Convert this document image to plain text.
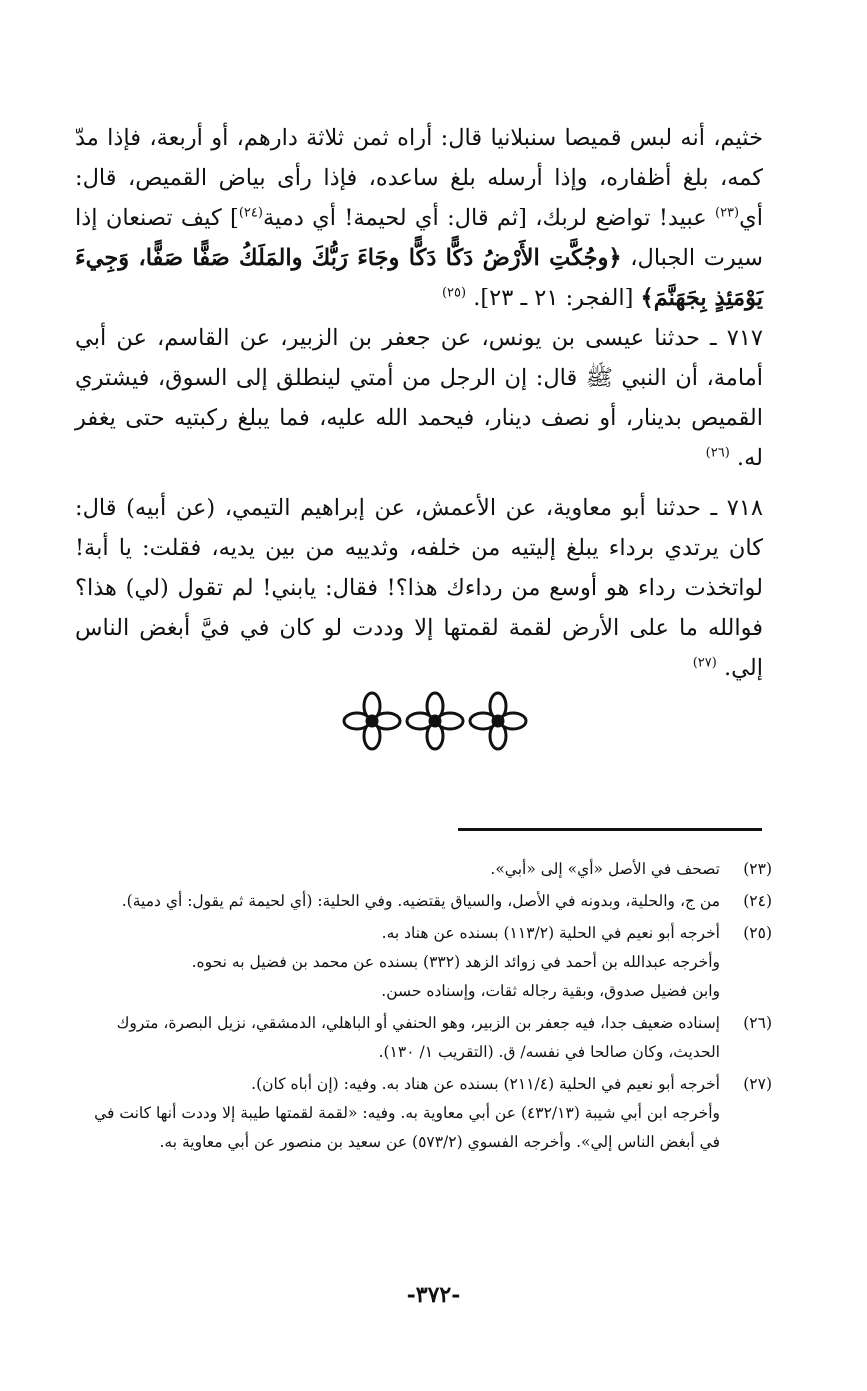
خثيم، أنه لبس قميصا سنبلانيا قال: أراه ثمن ثلاثة دارهم، أو أربعة، فإذا مدّ كمه، بلغ أظفاره، وإذا أرسله بلغ ساعده، فإذا رأى بياض القميص، قال: أي$^{(٢٣)}$ عبيد! تواضع لربك، [ثم قال: أي لحيمة! أي دمية$^{(٢٤)}$] كيف تصنعان إذا سيرت الجبال، ﴿وجُكَّتِ الأَرْضُ دَكًّا دَكًّا وجَاءَ رَبُّكَ والمَلَكُ صَفًّا صَفًّا، وَجِيءَ يَوْمَئِذٍ بِجَهَنَّمَ﴾ [الفجر: ٢١ ـ ٢٣]. $^{(٢٥)}$

٧١٧ ـ حدثنا عيسى بن يونس، عن جعفر بن الزبير، عن القاسم، عن أبي أمامة، أن النبي ﷺ قال: إن الرجل من أمتي لينطلق إلى السوق، فيشتري القميص بدينار، أو نصف دينار، فيحمد الله عليه، فما يبلغ ركبتيه حتى يغفر له. $^{(٢٦)}$

٧١٨ ـ حدثنا أبو معاوية، عن الأعمش، عن إبراهيم التيمي، (عن أبيه) قال: كان يرتدي برداء يبلغ إليتيه من خلفه، وثدييه من بين يديه، فقلت: يا أبة! لواتخذت رداء هو أوسع من رداءك هذا؟! فقال: يابني! لم تقول (لي) هذا؟ فوالله ما على الأرض لقمة لقمتها إلا وددت لو كان في فيَّ أبغض الناس إلي. $^{(٢٧)}$

(٢٣)
تصحف في الأصل «أي» إلى «أبي».
(٢٤)
من ج، والحلية، وبدونه في الأصل، والسياق يقتضيه. وفي الحلية: (أي لحيمة ثم يقول: أي دمية).
(٢٥)
أخرجه أبو نعيم في الحلية (١١٣/٢) بسنده عن هناد به.
وأخرجه عبدالله بن أحمد في زوائد الزهد (٣٣٢) بسنده عن محمد بن فضيل به نحوه.
وابن فضيل صدوق، وبقية رجاله ثقات، وإسناده حسن.
(٢٦)
إسناده ضعيف جدا، فيه جعفر بن الزبير، وهو الحنفي أو الباهلي، الدمشقي، نزيل البصرة، متروك الحديث، وكان صالحا في نفسه/ ق. (التقريب ١/ ١٣٠).
(٢٧)
أخرجه أبو نعيم في الحلية (٢١١/٤) بسنده عن هناد به. وفيه: (إن أباه كان).
وأخرجه ابن أبي شيبة (٤٣٢/١٣) عن أبي معاوية به. وفيه: «لقمة لقمتها طيبة إلا وددت أنها كانت في في أبغض الناس إلي». وأخرجه الفسوي (٥٧٣/٢) عن سعيد بن منصور عن أبي معاوية به.
-٣٧٢-
